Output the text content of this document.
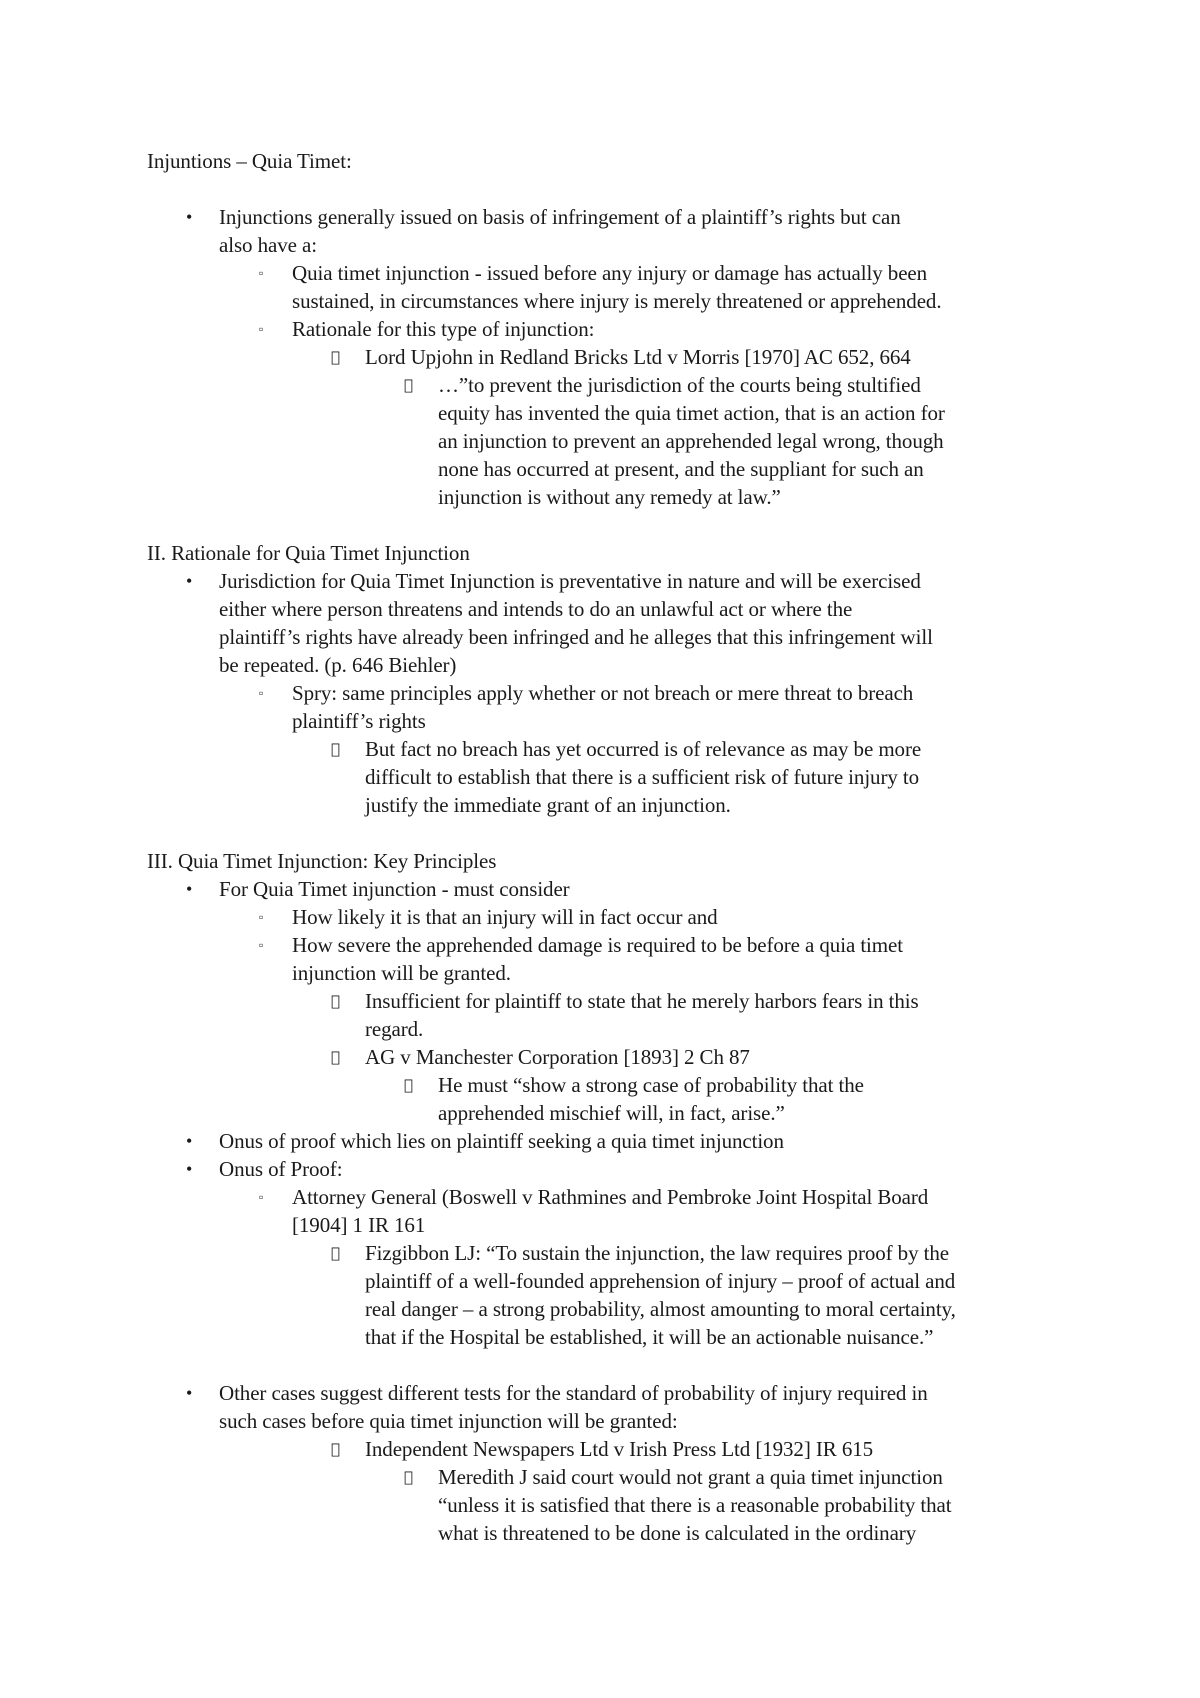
Injuntions – Quia Timet:
• Injunctions generally issued on basis of infringement of a plaintiff’s rights but can
also have a:
▫ Quia timet injunction - issued before any injury or damage has actually been
sustained, in circumstances where injury is merely threatened or apprehended.
▫ Rationale for this type of injunction:
Lord Upjohn in Redland Bricks Ltd v Morris [1970] AC 652, 664
…”to prevent the jurisdiction of the courts being stultified
equity has invented the quia timet action, that is an action for
an injunction to prevent an apprehended legal wrong, though
none has occurred at present, and the suppliant for such an
injunction is without any remedy at law.”
II. Rationale for Quia Timet Injunction
• Jurisdiction for Quia Timet Injunction is preventative in nature and will be exercised
either where person threatens and intends to do an unlawful act or where the
plaintiff’s rights have already been infringed and he alleges that this infringement will
be repeated. (p. 646 Biehler)
▫ Spry: same principles apply whether or not breach or mere threat to breach
plaintiff’s rights
But fact no breach has yet occurred is of relevance as may be more
difficult to establish that there is a sufficient risk of future injury to
justify the immediate grant of an injunction.
III. Quia Timet Injunction: Key Principles
• For Quia Timet injunction - must consider
▫ How likely it is that an injury will in fact occur and
▫ How severe the apprehended damage is required to be before a quia timet
injunction will be granted.
Insufficient for plaintiff to state that he merely harbors fears in this
regard.
AG v Manchester Corporation [1893] 2 Ch 87
He must “show a strong case of probability that the
apprehended mischief will, in fact, arise.”
• Onus of proof which lies on plaintiff seeking a quia timet injunction
• Onus of Proof:
▫ Attorney General (Boswell v Rathmines and Pembroke Joint Hospital Board
[1904] 1 IR 161
Fizgibbon LJ: “To sustain the injunction, the law requires proof by the
plaintiff of a well-founded apprehension of injury – proof of actual and
real danger – a strong probability, almost amounting to moral certainty,
that if the Hospital be established, it will be an actionable nuisance.”
• Other cases suggest different tests for the standard of probability of injury required in
such cases before quia timet injunction will be granted:
Independent Newspapers Ltd v Irish Press Ltd [1932] IR 615
Meredith J said court would not grant a quia timet injunction
“unless it is satisfied that there is a reasonable probability that
what is threatened to be done is calculated in the ordinary
